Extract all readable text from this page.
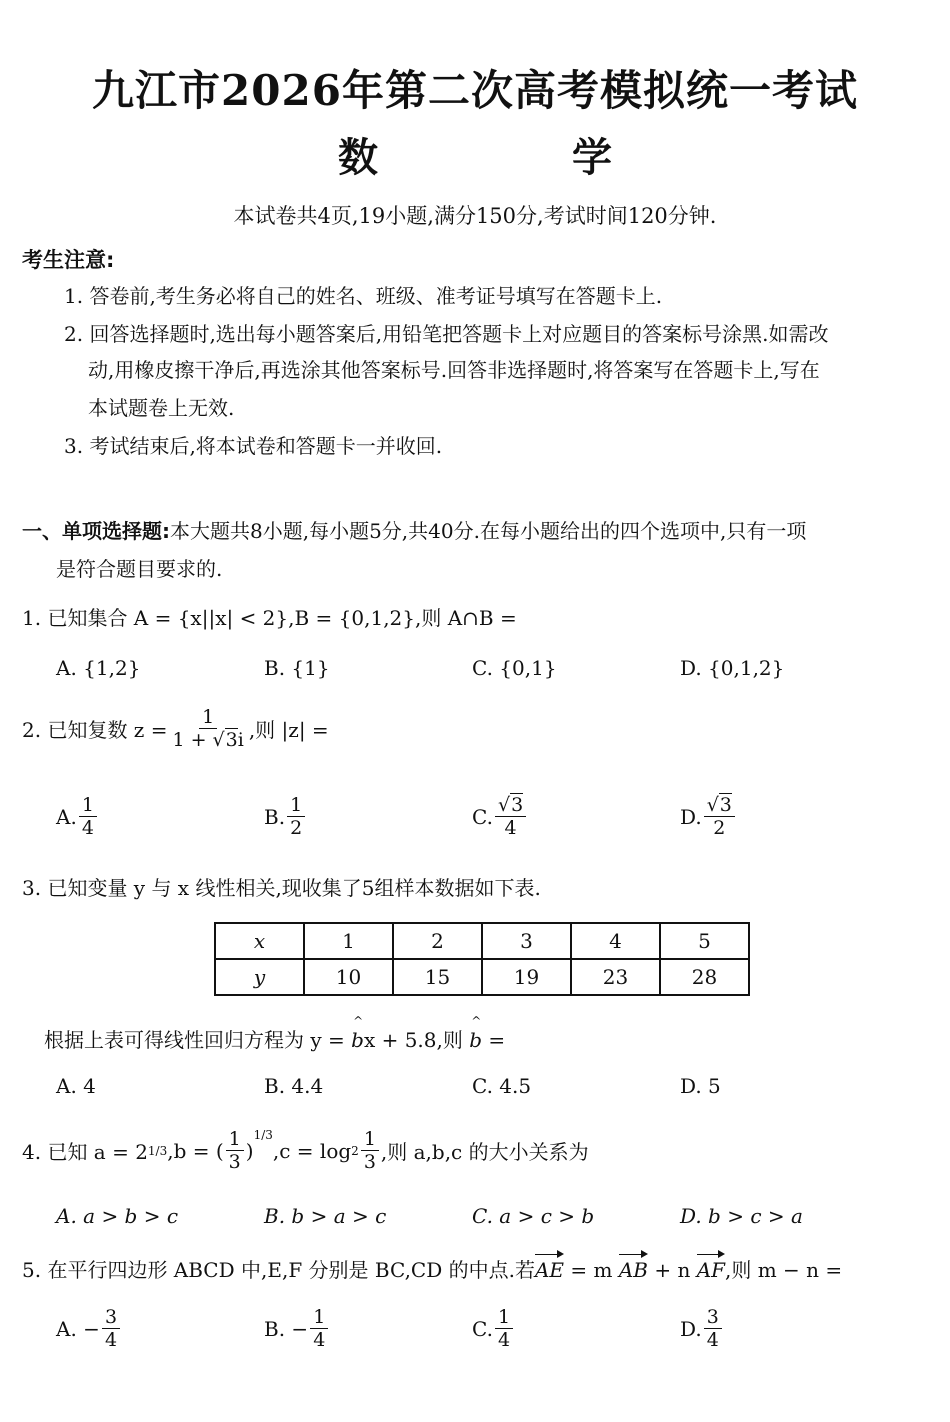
九江市2026年第二次高考模拟统一考试
数 学
本试卷共4页,19小题,满分150分,考试时间120分钟.
考生注意:
1. 答卷前,考生务必将自己的姓名、班级、准考证号填写在答题卡上.
2. 回答选择题时,选出每小题答案后,用铅笔把答题卡上对应题目的答案标号涂黑.如需改
动,用橡皮擦干净后,再选涂其他答案标号.回答非选择题时,将答案写在答题卡上,写在
本试题卷上无效.
3. 考试结束后,将本试卷和答题卡一并收回.
一、单项选择题:本大题共8小题,每小题5分,共40分.在每小题给出的四个选项中,只有一项
是符合题目要求的.
1. 已知集合 A = {x||x| < 2},B = {0,1,2},则 A∩B =
A. {1,2}	B. {1}	C. {0,1}	D. {0,1,2}
2. 已知复数 $z = \frac{1}{1 + √3i}$ ,则 |z| =
A. $\frac{1}{4}$	B. $\frac{1}{2}$	C. $\frac{√3}{4}$	D. $\frac{√3}{2}$
3. 已知变量 y 与 x 线性相关,现收集了5组样本数据如下表.
x	1	2	3	4	5
y	10	15	19	23	28
根据上表可得线性回归方程为 y =
^
bx + 5.8,则
^
b =
A. 4	B. 4.4	C. 4.5	D. 5
4. 已知 a = 2 1/3 ,b = ( $\frac{1}{3}$ )
$^{1/3}$
$,c = \log 2 \frac{1}{3}$ ,则 a,b,c 的大小关系为
A. a > b > c	B. b > a > c	C. a > c > b	D. b > c > a
5. 在平行四边形 ABCD 中,E,F 分别是 BC,CD 的中点.若AE = m AB + n AF,则 m − n =
A.
− $\frac{3}{4}$	B.
− $\frac{1}{4}$	C. $\frac{1}{4}$	D. $\frac{3}{4}$
